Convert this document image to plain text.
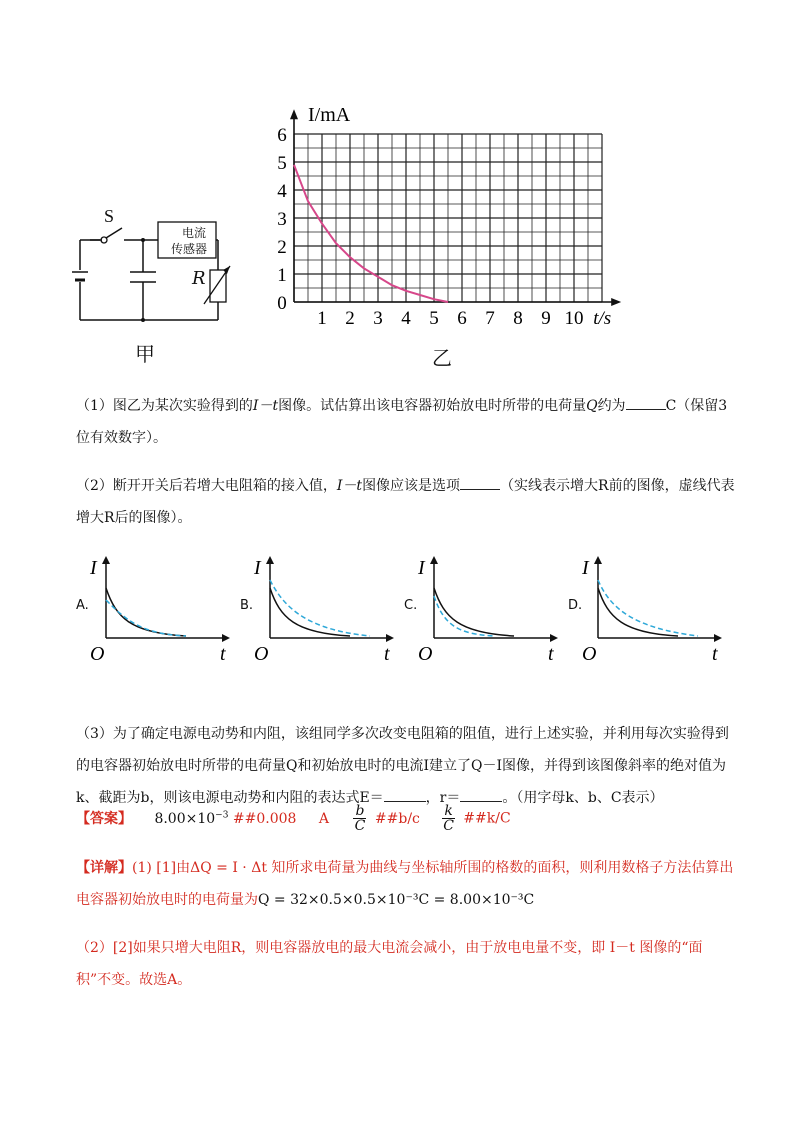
S
电流
传感器
R
甲
1 2 3 4 5 6 7 8 9 10
0
1
2
3
4
5
6
I/mA
t/s
乙
（1）图乙为某次实验得到的I－t图像。试估算出该电容器初始放电时所带的电荷量Q约为	C（保留3位有效数字）。
（2）断开开关后若增大电阻箱的接入值，I－t图像应该是选项	（实线表示增大R前的图像，虚线代表增大R后的图像）。
A.
I
O	t
B.
I
O	t
C.
I
O	t
D.
I
O	t
（3）为了确定电源电动势和内阻，该组同学多次改变电阻箱的阻值，进行上述实验，并利用每次实验得到的电容器初始放电时所带的电荷量Q和初始放电时的电流I建立了Q－I图像，并得到该图像斜率的绝对值为k、截距为b，则该电源电动势和内阻的表达式E＝	，r＝	。（用字母k、b、C表示）
【答案】 $8.00\times 10^{-3}$ ##0.008 A $\frac{b}{C}$ ##b/c $\frac{k}{C}$ ##k/C
【详解】(1) [1]由ΔQ = I · Δt 知所求电荷量为曲线与坐标轴所围的格数的面积，则利用数格子方法估算出电容器初始放电时的电荷量为Q = 32×0.5×0.5×10⁻³C = 8.00×10⁻³C
（2）[2]如果只增大电阻R，则电容器放电的最大电流会减小，由于放电电量不变，即 I－t 图像的“面积”不变。故选A。
